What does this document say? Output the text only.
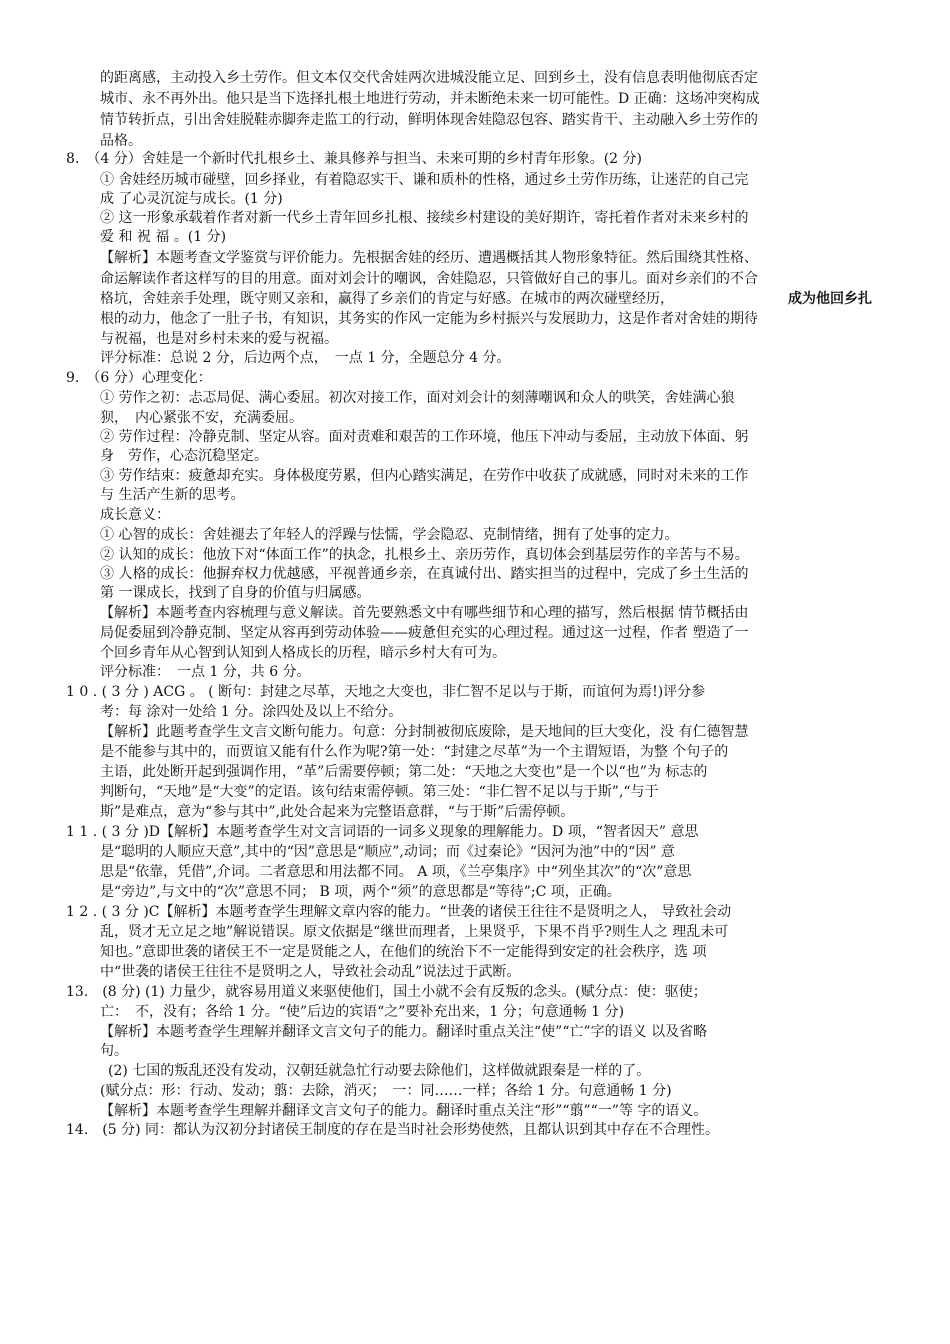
的距离感，主动投入乡土劳作。但文本仅交代舍娃两次进城没能立足、回到乡土，没有信息表明他彻底否定
城市、永不再外出。他只是当下选择扎根土地进行劳动，并未断绝未来一切可能性。D 正确：这场冲突构成
情节转折点，引出舍娃脱鞋赤脚奔走监工的行动，鲜明体现舍娃隐忍包容、踏实肯干、主动融入乡土劳作的
品格。
8.　（4 分）舍娃是一个新时代扎根乡土、兼具修养与担当、未来可期的乡村青年形象。(2 分)
① 舍娃经历城市碰壁，回乡择业，有着隐忍实干、谦和质朴的性格，通过乡土劳作历练，让迷茫的自己完
成 了心灵沉淀与成长。(1 分)
② 这一形象承载着作者对新一代乡土青年回乡扎根、接续乡村建设的美好期许，寄托着作者对未来乡村的
爱 和 祝 福 。(1 分)
【解析】本题考查文学鉴赏与评价能力。先根据舍娃的经历、遭遇概括其人物形象特征。然后围绕其性格、
命运解读作者这样写的目的用意。面对刘会计的嘲讽，舍娃隐忍，只管做好自己的事儿。面对乡亲们的不合
格坑，舍娃亲手处理，既守则又亲和，赢得了乡亲们的肯定与好感。在城市的两次碰壁经历，	成为他回乡扎
根的动力，他念了一肚子书，有知识，其务实的作风一定能为乡村振兴与发展助力，这是作者对舍娃的期待
与祝福，也是对乡村未来的爱与祝福。
评分标准：总说 2 分，后边两个点，　一点 1 分，全题总分 4 分。
9.　（6 分）心理变化：
① 劳作之初：忐忑局促、满心委屈。初次对接工作，面对刘会计的刻薄嘲讽和众人的哄笑，舍娃满心狼
狈，　内心紧张不安，充满委屈。
② 劳作过程：冷静克制、坚定从容。面对责难和艰苦的工作环境，他压下冲动与委屈，主动放下体面、躬
身　劳作，心态沉稳坚定。
③ 劳作结束：疲惫却充实。身体极度劳累，但内心踏实满足，在劳作中收获了成就感，同时对未来的工作
与 生活产生新的思考。
成长意义：
① 心智的成长：舍娃褪去了年轻人的浮躁与怯懦，学会隐忍、克制情绪，拥有了处事的定力。
② 认知的成长：他放下对“体面工作”的执念，扎根乡土、亲历劳作，真切体会到基层劳作的辛苦与不易。
③ 人格的成长：他摒弃权力优越感，平视普通乡亲，在真诚付出、踏实担当的过程中，完成了乡土生活的
第 一课成长，找到了自身的价值与归属感。
【解析】本题考查内容梳理与意义解读。首先要熟悉文中有哪些细节和心理的描写，然后根据 情节概括由
局促委屈到冷静克制、坚定从容再到劳动体验——疲惫但充实的心理过程。通过这一过程，作者 塑造了一
个回乡青年从心智到认知到人格成长的历程，暗示乡村大有可为。
评分标准：　一点 1 分，共 6 分。
1 0 . ( 3 分 ) ACG 。 ( 断句：封建之尽革，天地之大变也，非仁智不足以与于斯，而谊何为焉!)评分参
考：每 涂对一处给 1 分。涂四处及以上不给分。
【解析】此题考查学生文言文断句能力。句意：分封制被彻底废除，是天地间的巨大变化，没 有仁德智慧
是不能参与其中的，而贾谊又能有什么作为呢?第一处：“封建之尽革”为一个主谓短语，为整 个句子的
主语，此处断开起到强调作用，“革”后需要停顿；第二处：“天地之大变也”是一个以“也”为 标志的
判断句，“天地”是“大变”的定语。该句结束需停顿。第三处：“非仁智不足以与于斯”,“与于
斯”是难点，意为“参与其中”,此处合起来为完整语意群，“与于斯”后需停顿。
1 1 . ( 3 分 )D【解析】本题考查学生对文言词语的一词多义现象的理解能力。D 项，“智者因天” 意思
是“聪明的人顺应天意”,其中的“因”意思是“顺应”,动词；而《过秦论》“因河为池”中的“因” 意
思是“依靠，凭借”,介词。二者意思和用法都不同。 A 项，《兰亭集序》中“列坐其次”的“次”意思
是“旁边”,与文中的“次”意思不同； B 项，两个“须”的意思都是“等待”;C 项，正确。
1 2 . ( 3 分 )C【解析】本题考查学生理解文章内容的能力。“世袭的诸侯王往往不是贤明之人， 导致社会动
乱，贤才无立足之地”解说错误。原文依据是“继世而理者，上果贤乎，下果不肖乎?则生人之 理乱未可
知也。”意即世袭的诸侯王不一定是贤能之人，在他们的统治下不一定能得到安定的社会秩序，选 项
中“世袭的诸侯王往往不是贤明之人，导致社会动乱”说法过于武断。
13.　(8 分) (1) 力量少，就容易用道义来驱使他们，国土小就不会有反叛的念头。(赋分点：使：驱使；
亡：　不，没有；各给 1 分。“使”后边的宾语“之”要补充出来，1 分；句意通畅 1 分)
【解析】本题考查学生理解并翻译文言文句子的能力。翻译时重点关注“使”“亡”字的语义 以及省略
句。
(2) 七国的叛乱还没有发动，汉朝廷就急忙行动要去除他们，这样做就跟秦是一样的了。
(赋分点：形：行动、发动；翦：去除，消灭；　一：同……一样；各给 1 分。句意通畅 1 分)
【解析】本题考查学生理解并翻译文言文句子的能力。翻译时重点关注“形”“翦”“一”等 字的语义。
14.　(5 分) 同：都认为汉初分封诸侯王制度的存在是当时社会形势使然，且都认识到其中存在不合理性。
